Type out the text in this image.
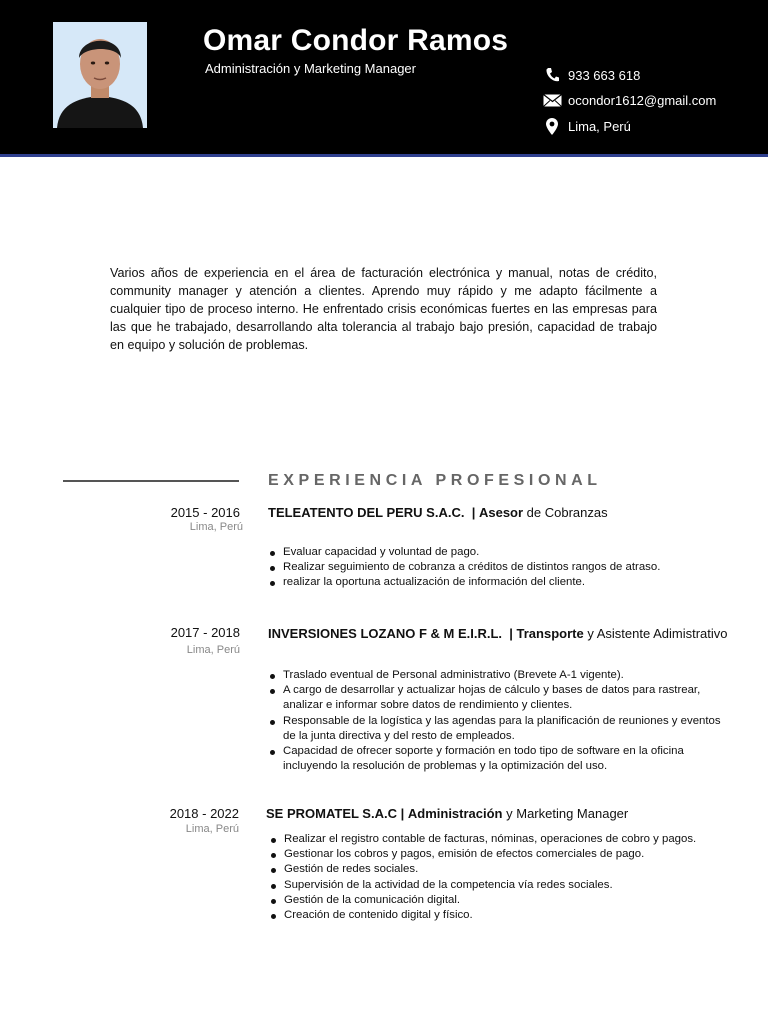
Omar Condor Ramos
Administración y Marketing Manager	933 663 618
ocondor1612@gmail.com
Lima, Perú
Varios años de experiencia en el área de facturación electrónica y manual, notas de crédito, community manager y atención a clientes. Aprendo muy rápido y me adapto fácilmente a cualquier tipo de proceso interno. He enfrentado crisis económicas fuertes en las empresas para las que he trabajado, desarrollando alta tolerancia al trabajo bajo presión, capacidad de trabajo en equipo y solución de problemas.
EXPERIENCIA PROFESIONAL
2015 - 2016
Lima, Perú
TELEATENTO DEL PERU S.A.C. | Asesor de Cobranzas
Evaluar capacidad y voluntad de pago.
Realizar seguimiento de cobranza a créditos de distintos rangos de atraso.
realizar la oportuna actualización de información del cliente.
2017 - 2018
Lima, Perú
INVERSIONES LOZANO F & M E.I.R.L. | Transporte y Asistente Adimistrativo
Traslado eventual de Personal administrativo (Brevete A-1 vigente).
A cargo de desarrollar y actualizar hojas de cálculo y bases de datos para rastrear, analizar e informar sobre datos de rendimiento y clientes.
Responsable de la logística y las agendas para la planificación de reuniones y eventos de la junta directiva y del resto de empleados.
Capacidad de ofrecer soporte y formación en todo tipo de software en la oficina incluyendo la resolución de problemas y la optimización del uso.
2018 - 2022
Lima, Perú
SE PROMATEL S.A.C | Administración y Marketing Manager
Realizar el registro contable de facturas, nóminas, operaciones de cobro y pagos.
Gestionar los cobros y pagos, emisión de efectos comerciales de pago.
Gestión de redes sociales.
Supervisión de la actividad de la competencia vía redes sociales.
Gestión de la comunicación digital.
Creación de contenido digital y físico.
